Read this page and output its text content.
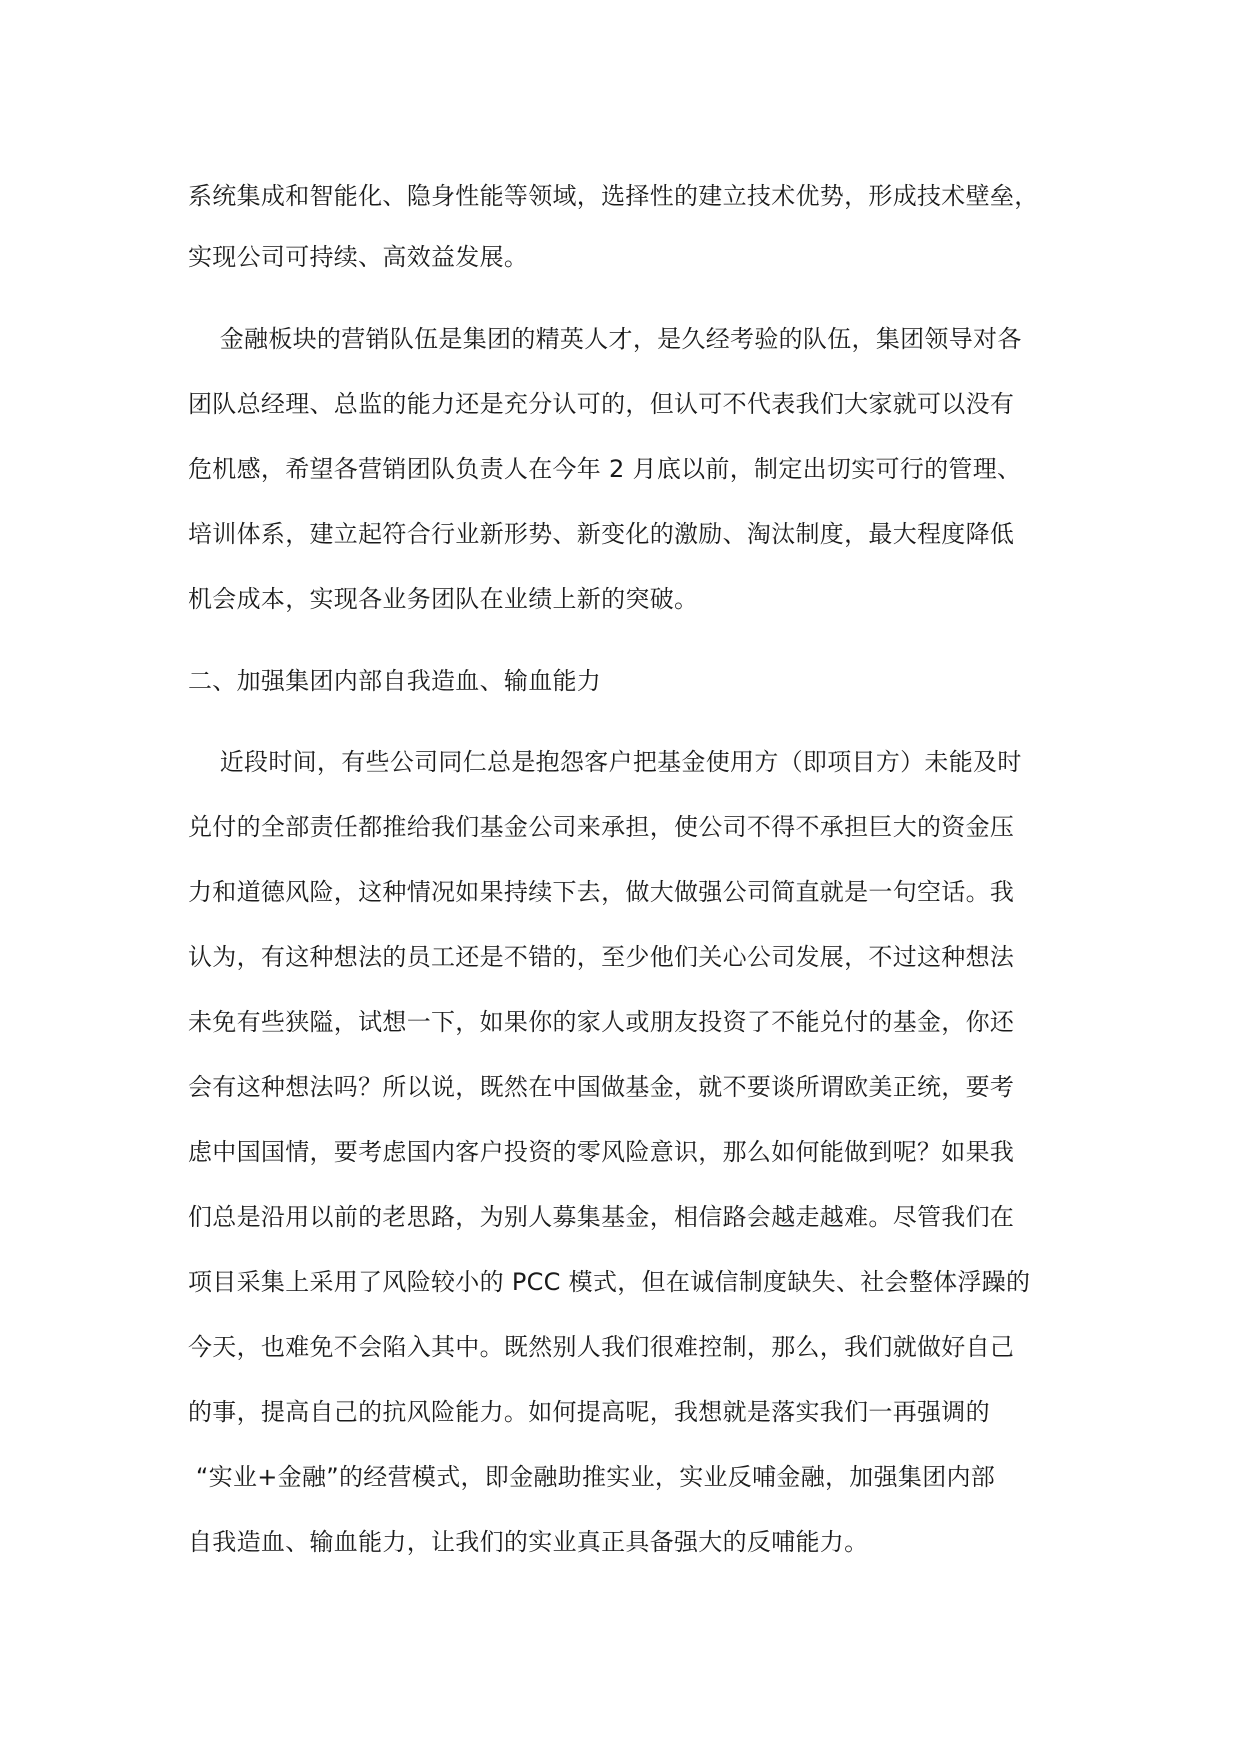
系统集成和智能化、隐身性能等领域，选择性的建立技术优势，形成技术壁垒，
实现公司可持续、高效益发展。
金融板块的营销队伍是集团的精英人才，是久经考验的队伍，集团领导对各
团队总经理、总监的能力还是充分认可的，但认可不代表我们大家就可以没有
危机感，希望各营销团队负责人在今年 2 月底以前，制定出切实可行的管理、
培训体系，建立起符合行业新形势、新变化的激励、淘汰制度，最大程度降低
机会成本，实现各业务团队在业绩上新的突破。
二、加强集团内部自我造血、输血能力
近段时间，有些公司同仁总是抱怨客户把基金使用方（即项目方）未能及时
兑付的全部责任都推给我们基金公司来承担，使公司不得不承担巨大的资金压
力和道德风险，这种情况如果持续下去，做大做强公司简直就是一句空话。我
认为，有这种想法的员工还是不错的，至少他们关心公司发展，不过这种想法
未免有些狭隘，试想一下，如果你的家人或朋友投资了不能兑付的基金，你还
会有这种想法吗？所以说，既然在中国做基金，就不要谈所谓欧美正统，要考
虑中国国情，要考虑国内客户投资的零风险意识，那么如何能做到呢？如果我
们总是沿用以前的老思路，为别人募集基金，相信路会越走越难。尽管我们在
项目采集上采用了风险较小的 PCC 模式，但在诚信制度缺失、社会整体浮躁的
今天，也难免不会陷入其中。既然别人我们很难控制，那么，我们就做好自己
的事，提高自己的抗风险能力。如何提高呢，我想就是落实我们一再强调的
“实业+金融”的经营模式，即金融助推实业，实业反哺金融，加强集团内部
自我造血、输血能力，让我们的实业真正具备强大的反哺能力。
